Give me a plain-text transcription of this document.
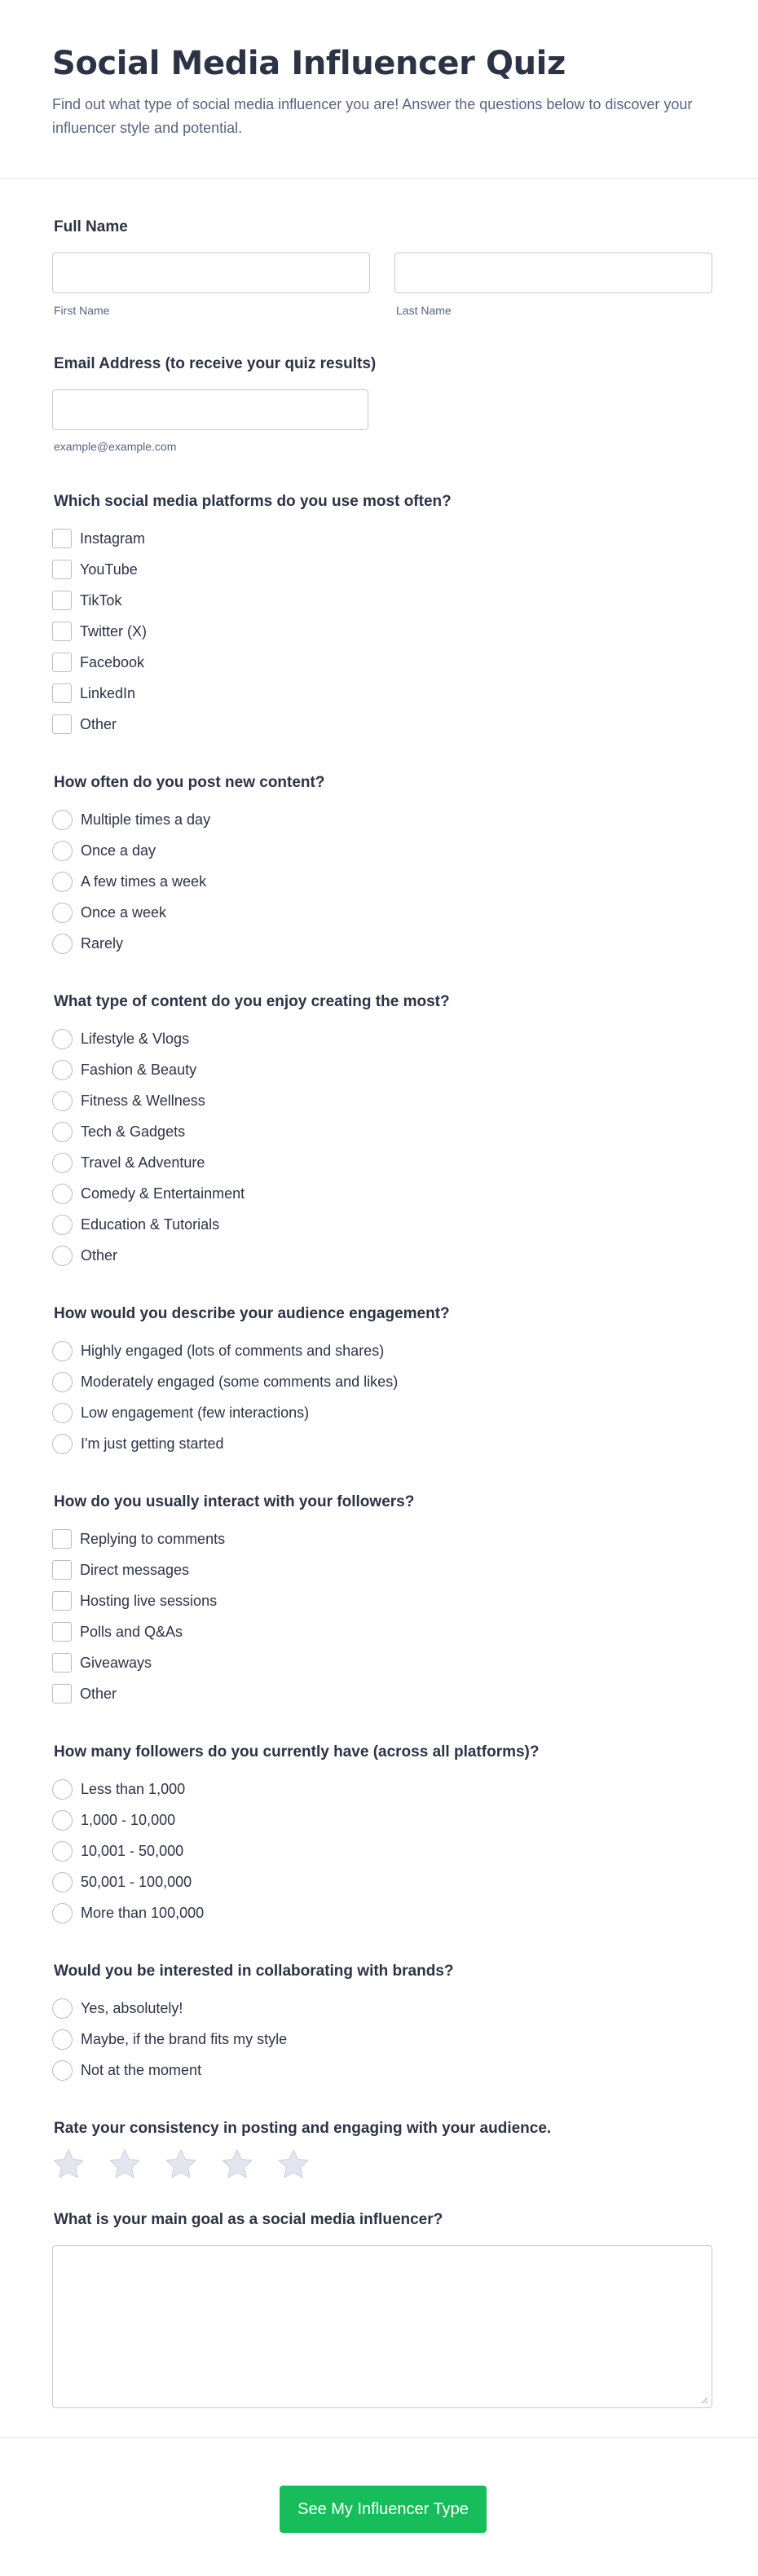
Social Media Influencer Quiz

Find out what type of social media influencer you are! Answer the questions below to discover your influencer style and potential.

Full Name
First Name	Last Name
Email Address (to receive your quiz results)
example@example.com
Which social media platforms do you use most often?
Instagram
YouTube
TikTok
Twitter (X)
Facebook
LinkedIn
Other
How often do you post new content?
Multiple times a day
Once a day
A few times a week
Once a week
Rarely
What type of content do you enjoy creating the most?
Lifestyle & Vlogs
Fashion & Beauty
Fitness & Wellness
Tech & Gadgets
Travel & Adventure
Comedy & Entertainment
Education & Tutorials
Other
How would you describe your audience engagement?
Highly engaged (lots of comments and shares)
Moderately engaged (some comments and likes)
Low engagement (few interactions)
I'm just getting started
How do you usually interact with your followers?
Replying to comments
Direct messages
Hosting live sessions
Polls and Q&As
Giveaways
Other
How many followers do you currently have (across all platforms)?
Less than 1,000
1,000 - 10,000
10,001 - 50,000
50,001 - 100,000
More than 100,000
Would you be interested in collaborating with brands?
Yes, absolutely!
Maybe, if the brand fits my style
Not at the moment
Rate your consistency in posting and engaging with your audience.
What is your main goal as a social media influencer?
See My Influencer Type
